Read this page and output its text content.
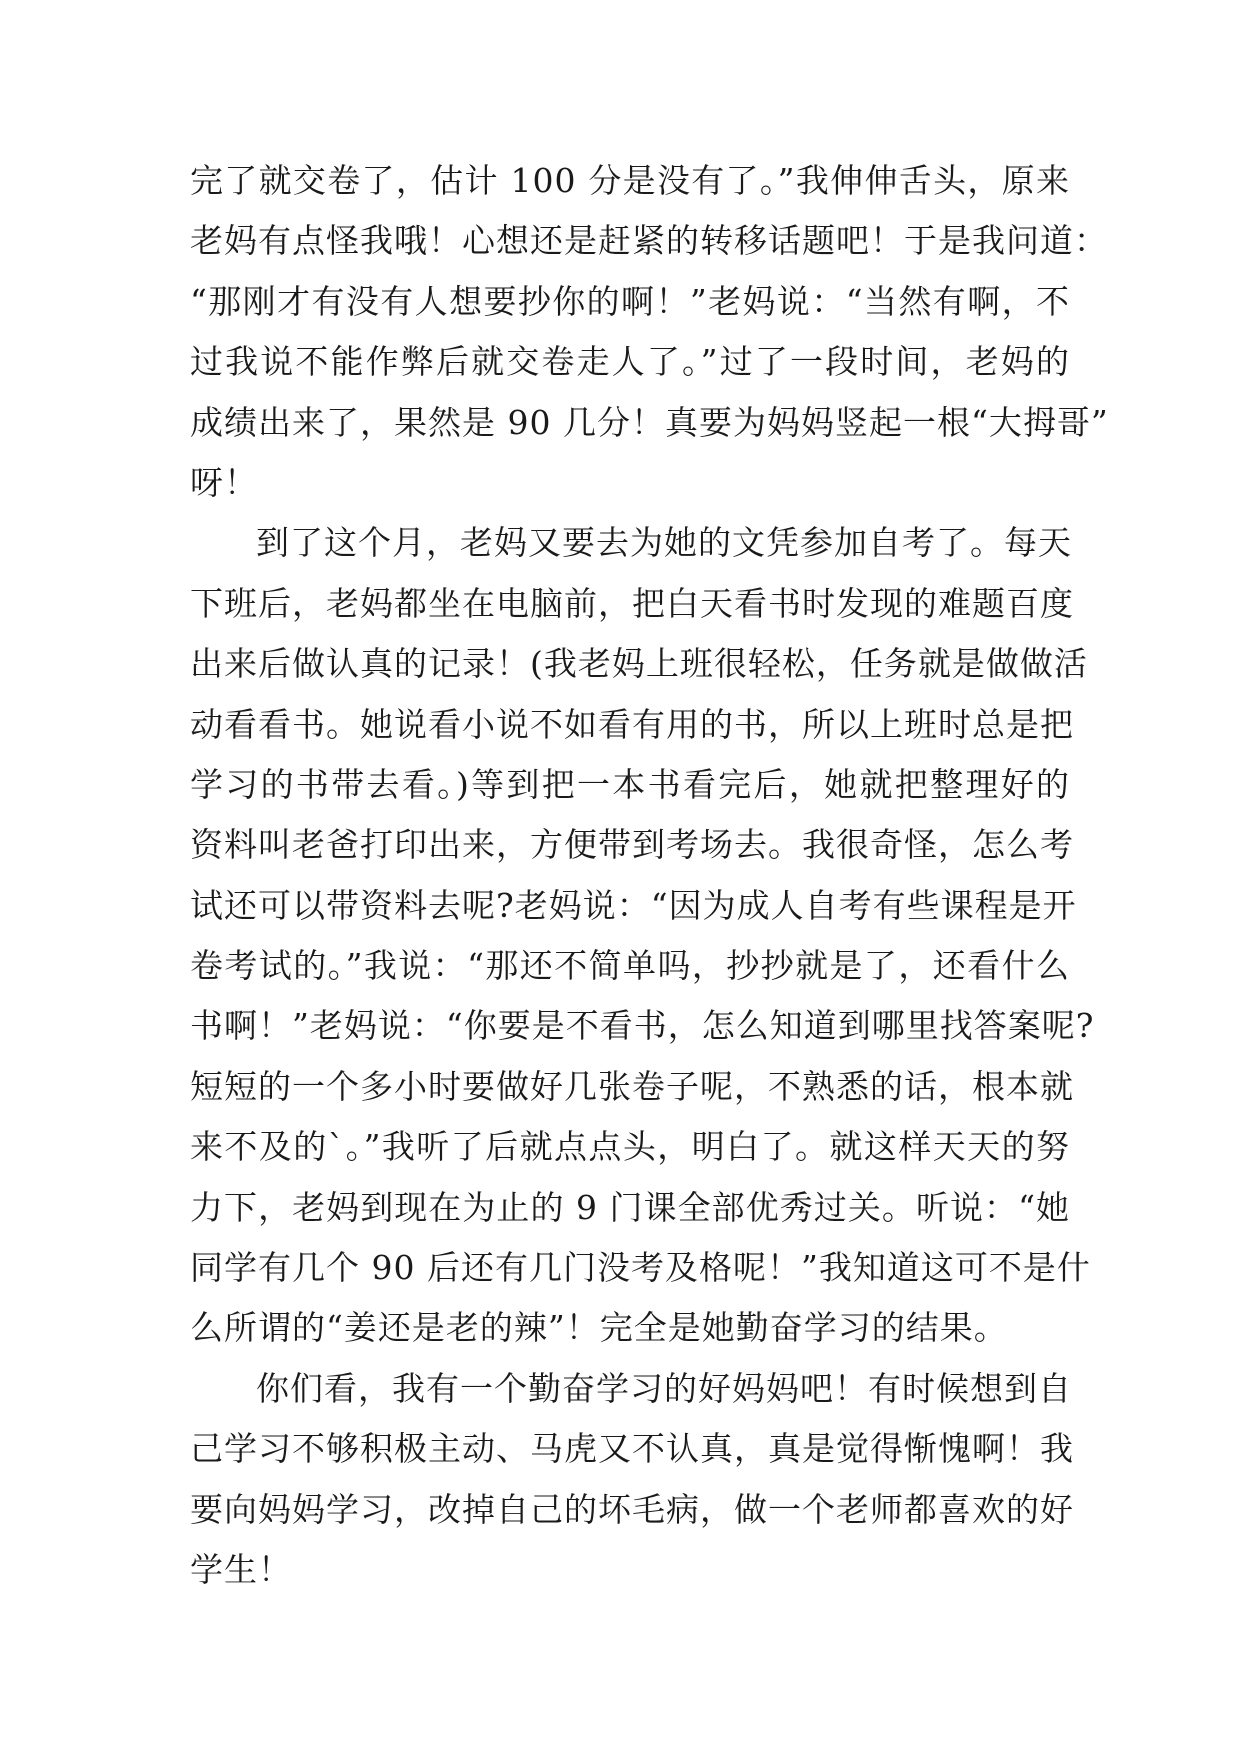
完了就交卷了，估计 100 分是没有了。”我伸伸舌头，原来
老妈有点怪我哦！心想还是赶紧的转移话题吧！于是我问道：
“那刚才有没有人想要抄你的啊！”老妈说：“当然有啊，不
过我说不能作弊后就交卷走人了。”过了一段时间，老妈的
成绩出来了，果然是 90 几分！真要为妈妈竖起一根“大拇哥”
呀！

到了这个月，老妈又要去为她的文凭参加自考了。每天
下班后，老妈都坐在电脑前，把白天看书时发现的难题百度
出来后做认真的记录！(我老妈上班很轻松，任务就是做做活
动看看书。她说看小说不如看有用的书，所以上班时总是把
学习的书带去看。)等到把一本书看完后，她就把整理好的
资料叫老爸打印出来，方便带到考场去。我很奇怪，怎么考
试还可以带资料去呢?老妈说：“因为成人自考有些课程是开
卷考试的。”我说：“那还不简单吗，抄抄就是了，还看什么
书啊！”老妈说：“你要是不看书，怎么知道到哪里找答案呢?
短短的一个多小时要做好几张卷子呢，不熟悉的话，根本就
来不及的`。”我听了后就点点头，明白了。就这样天天的努
力下，老妈到现在为止的 9 门课全部优秀过关。听说：“她
同学有几个 90 后还有几门没考及格呢！”我知道这可不是什
么所谓的“姜还是老的辣”！完全是她勤奋学习的结果。

你们看，我有一个勤奋学习的好妈妈吧！有时候想到自
己学习不够积极主动、马虎又不认真，真是觉得惭愧啊！我
要向妈妈学习，改掉自己的坏毛病，做一个老师都喜欢的好
学生！
